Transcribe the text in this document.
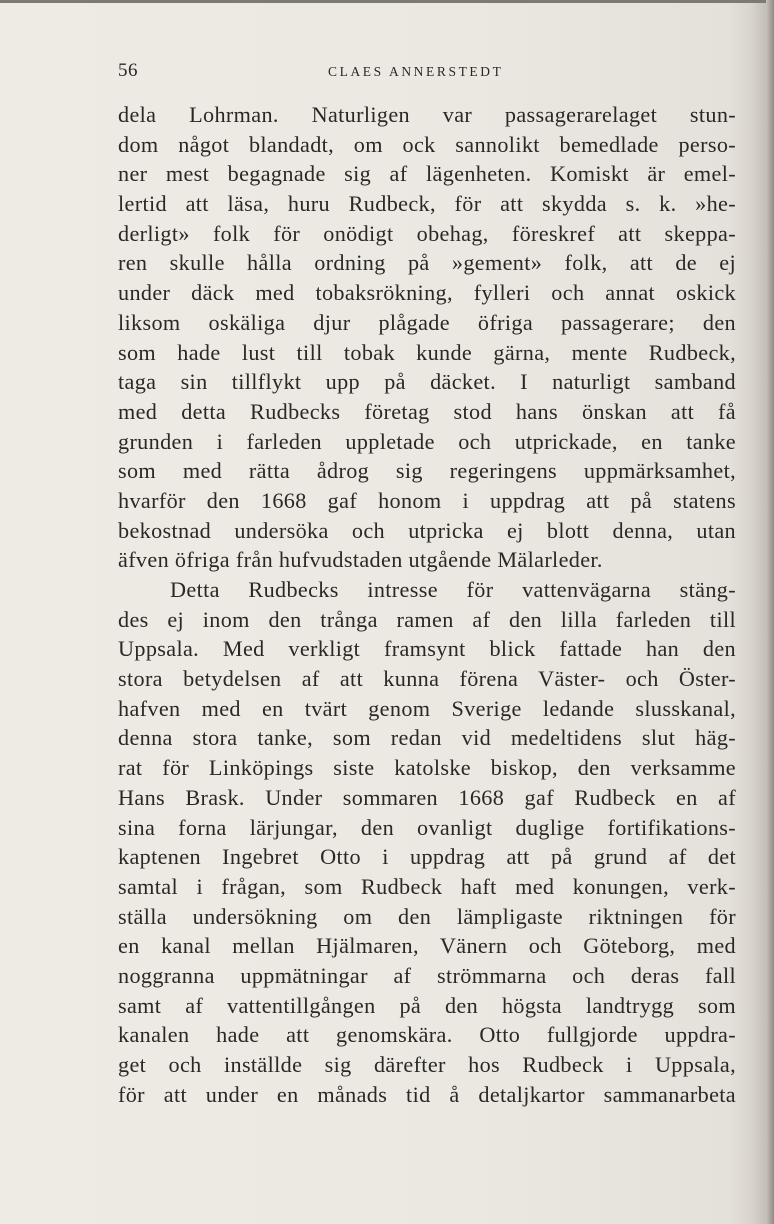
56	CLAES ANNERSTEDT
dela Lohrman. Naturligen var passagerarelaget stun-
dom något blandadt, om ock sannolikt bemedlade perso-
ner mest begagnade sig af lägenheten. Komiskt är emel-
lertid att läsa, huru Rudbeck, för att skydda s. k. »he-
derligt» folk för onödigt obehag, föreskref att skeppa-
ren skulle hålla ordning på »gement» folk, att de ej
under däck med tobaksrökning, fylleri och annat oskick
liksom oskäliga djur plågade öfriga passagerare; den
som hade lust till tobak kunde gärna, mente Rudbeck,
taga sin tillflykt upp på däcket. I naturligt samband
med detta Rudbecks företag stod hans önskan att få
grunden i farleden uppletade och utprickade, en tanke
som med rätta ådrog sig regeringens uppmärksamhet,
hvarför den 1668 gaf honom i uppdrag att på statens
bekostnad undersöka och utpricka ej blott denna, utan
äfven öfriga från hufvudstaden utgående Mälarleder.
Detta Rudbecks intresse för vattenvägarna stäng-
des ej inom den trånga ramen af den lilla farleden till
Uppsala. Med verkligt framsynt blick fattade han den
stora betydelsen af att kunna förena Väster- och Öster-
hafven med en tvärt genom Sverige ledande slusskanal,
denna stora tanke, som redan vid medeltidens slut häg-
rat för Linköpings siste katolske biskop, den verksamme
Hans Brask. Under sommaren 1668 gaf Rudbeck en af
sina forna lärjungar, den ovanligt duglige fortifikations-
kaptenen Ingebret Otto i uppdrag att på grund af det
samtal i frågan, som Rudbeck haft med konungen, verk-
ställa undersökning om den lämpligaste riktningen för
en kanal mellan Hjälmaren, Vänern och Göteborg, med
noggranna uppmätningar af strömmarna och deras fall
samt af vattentillgången på den högsta landtrygg som
kanalen hade att genomskära. Otto fullgjorde uppdra-
get och inställde sig därefter hos Rudbeck i Uppsala,
för att under en månads tid å detaljkartor sammanarbeta
